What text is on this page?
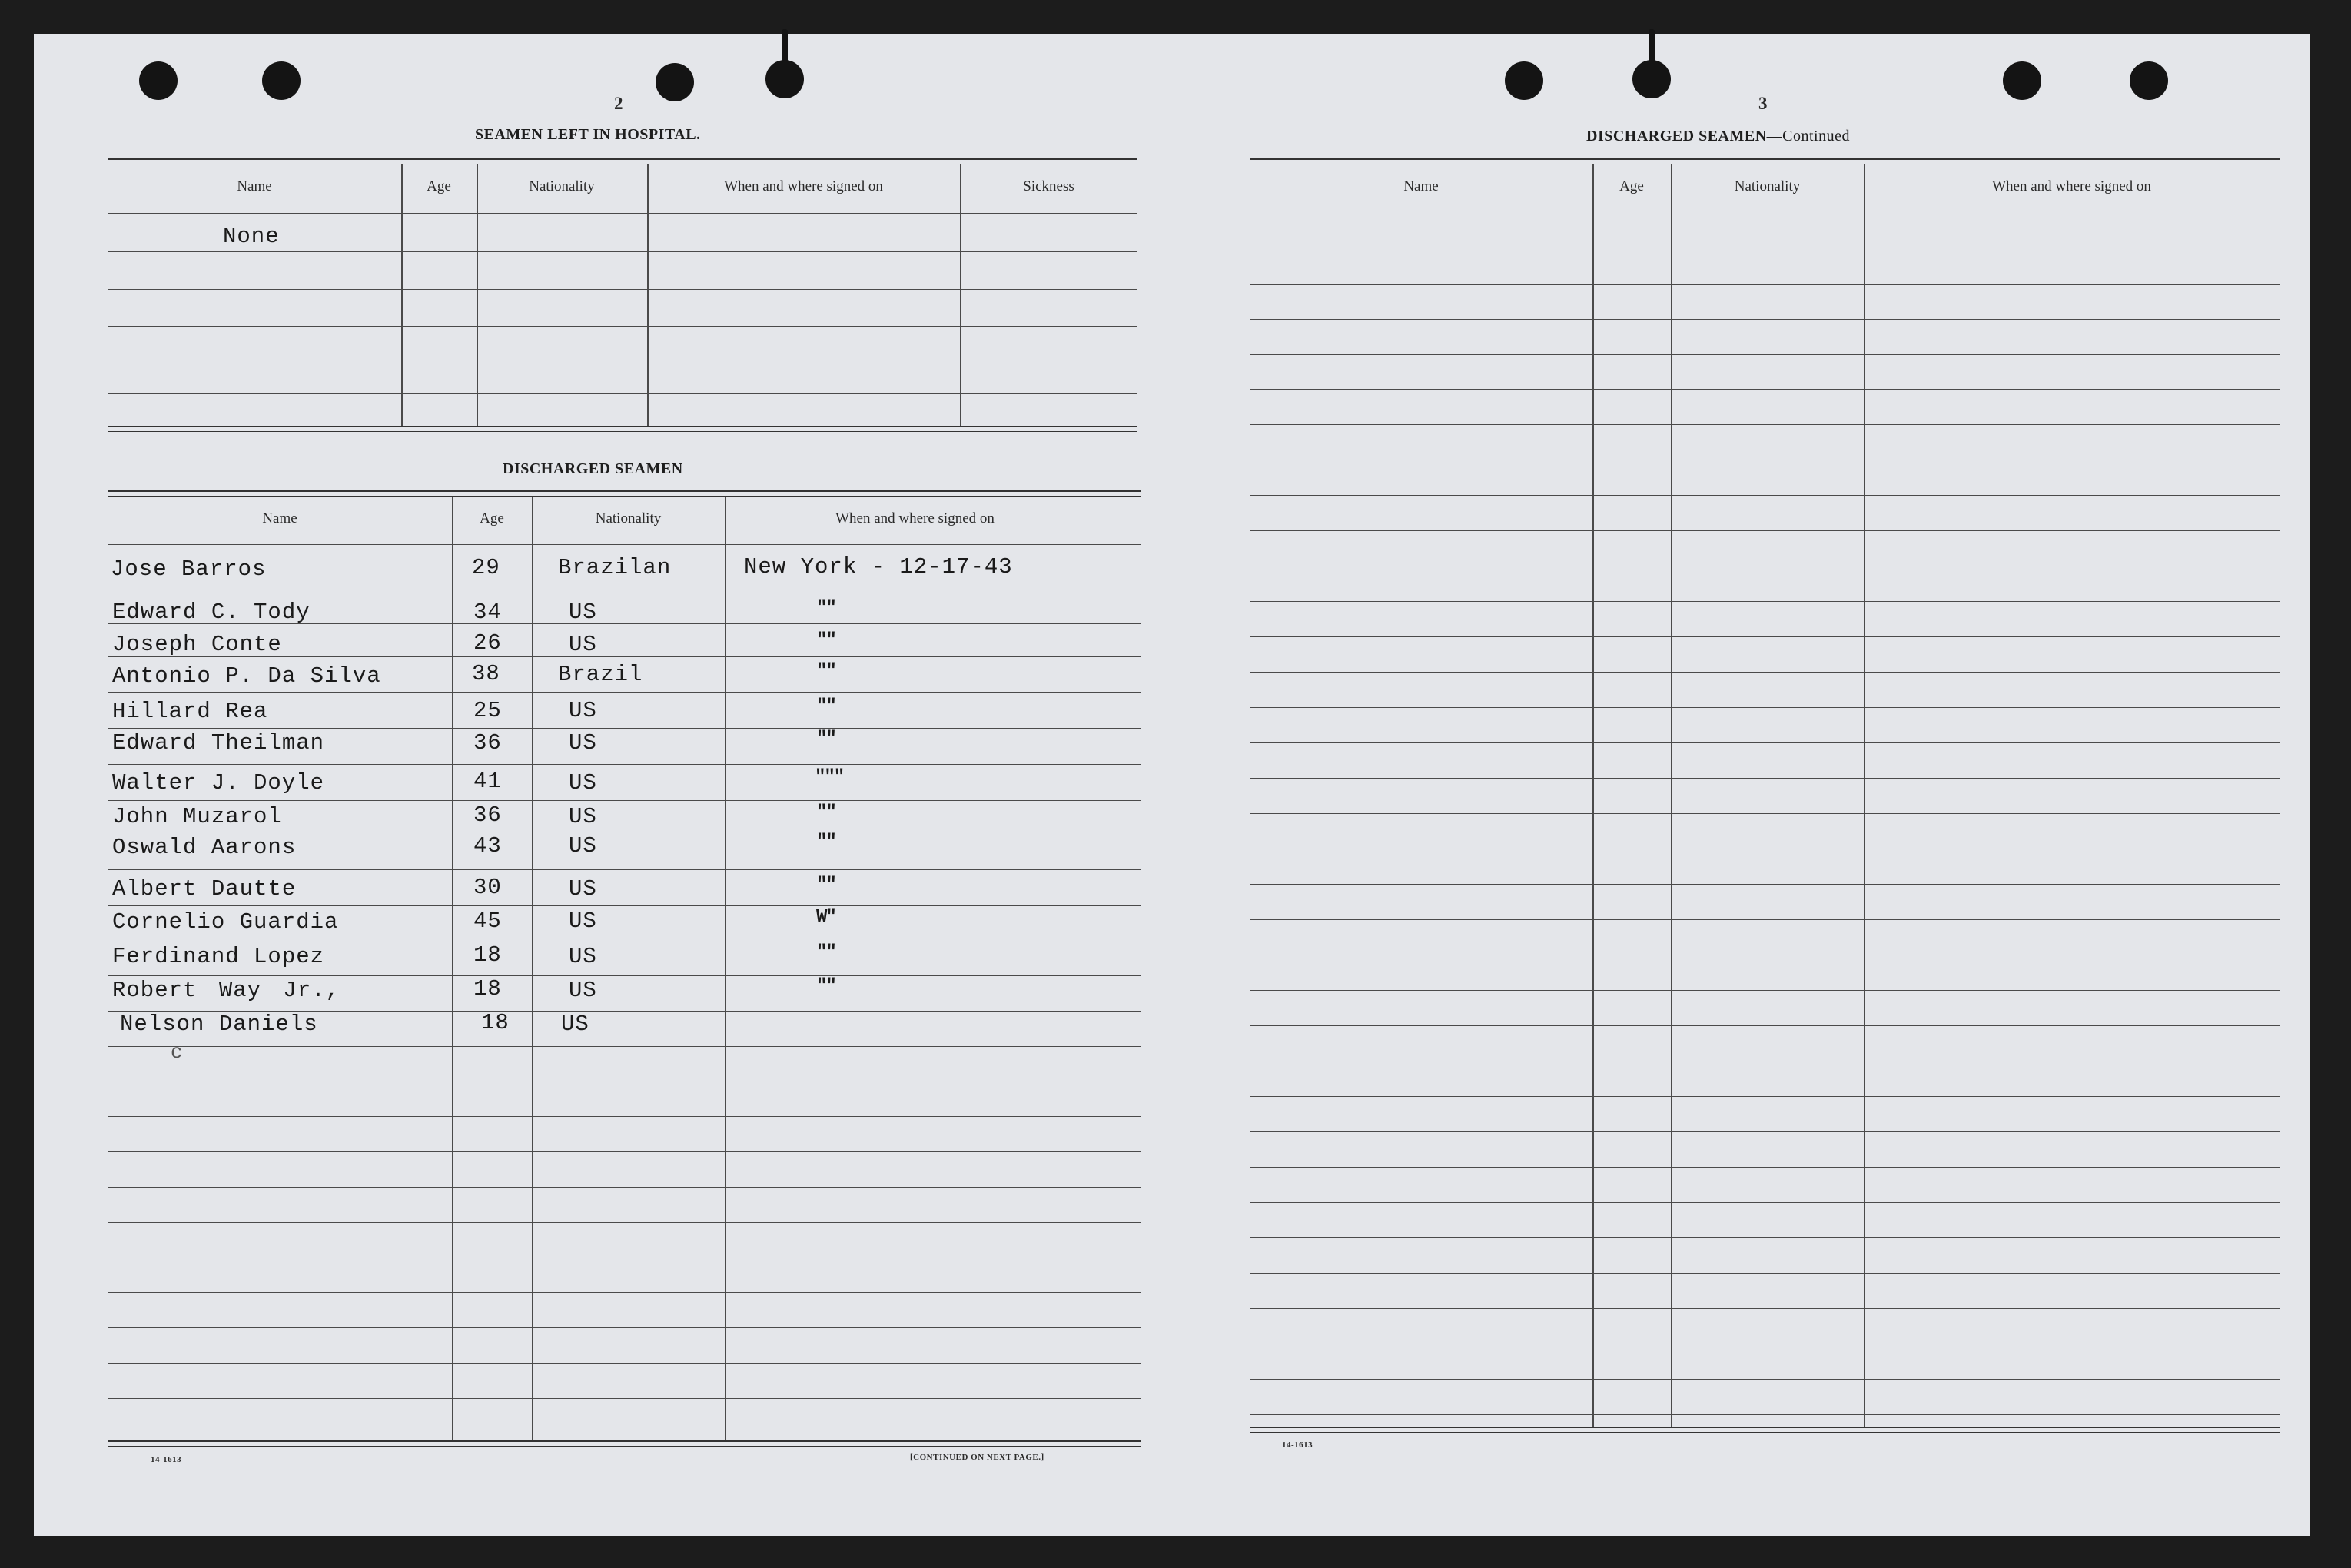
2
SEAMEN LEFT IN HOSPITAL.
Name	Age	Nationality	When and where signed on	Sickness
None
DISCHARGED SEAMEN
Name	Age	Nationality	When and where signed on
Jose Barros	29	Brazilan	New York - 12-17-43
Edward C. Tody	34	US	""
Joseph Conte	26	US	""
Antonio P. Da Silva	38	Brazil	""
Hillard Rea	25	US	""
Edward Theilman	36	US	""
Walter J. Doyle	41	US	"""
John Muzarol	36	US	""
Oswald Aarons	43	US	""
Albert Dautte	30	US	""
Cornelio Guardia	45	US	W"
Ferdinand Lopez	18	US	""
Robert Way Jr.,	18	US	""
Nelson Daniels	18 US
c
14-1613	[CONTINUED ON NEXT PAGE.]
3
DISCHARGED SEAMEN—Continued
Name	Age	Nationality	When and where signed on
14-1613
